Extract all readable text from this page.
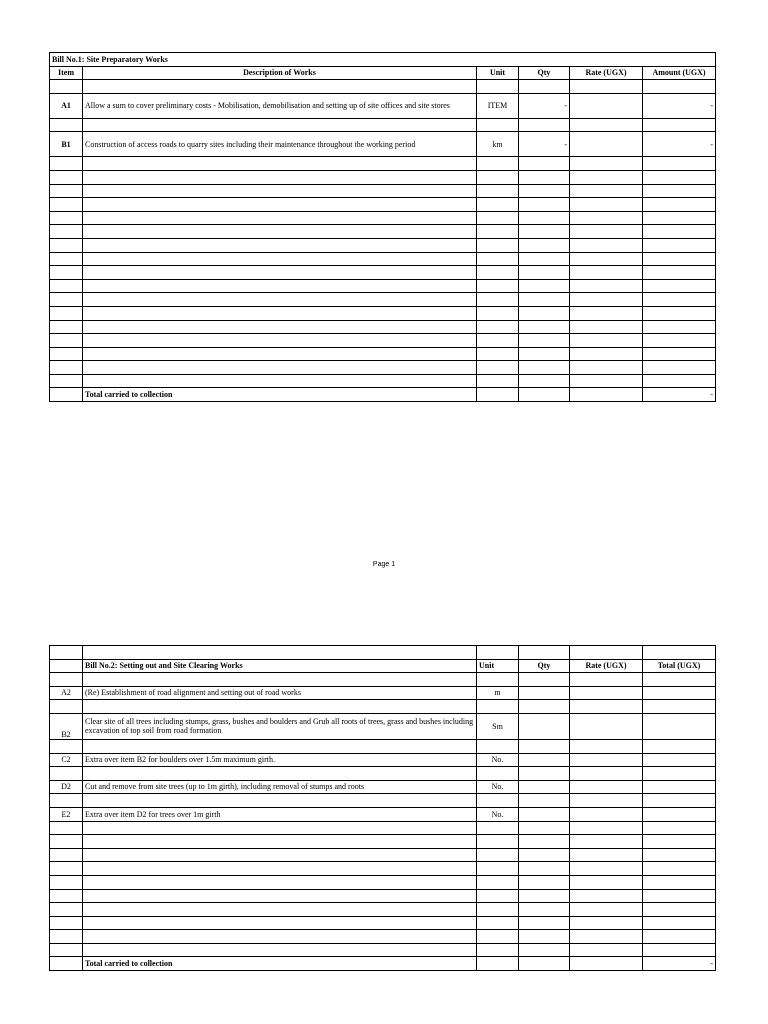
Bill No.1: Site Preparatory Works					
Item	Description of Works	Unit	Qty	Rate (UGX)	Amount (UGX)

A1	Allow a sum to cover preliminary costs - Mobilisation, demobilisation and setting up of site offices and site stores	ITEM	-		-

B1	Construction of access roads to quarry sites including their maintenance throughout the working period	km	-		-

	Total carried to collection				-
Page 1

	Bill No.2: Setting out and Site Clearing Works	Unit	Qty	Rate (UGX)	Total (UGX)

A2	(Re) Establishment of road alignment and setting out of road works	m			

B2	Clear site of all trees including stumps, grass, bushes and boulders and Grub all roots of trees, grass and bushes including excavation of top soil from road formation	Sm			

C2	Extra over item B2 for boulders over 1.5m maximum girth.	No.			

D2	Cut and remove from site trees (up to 1m girth), including removal of stumps and roots	No.			

E2	Extra over item D2 for trees over 1m girth	No.			

	Total carried to collection				-
